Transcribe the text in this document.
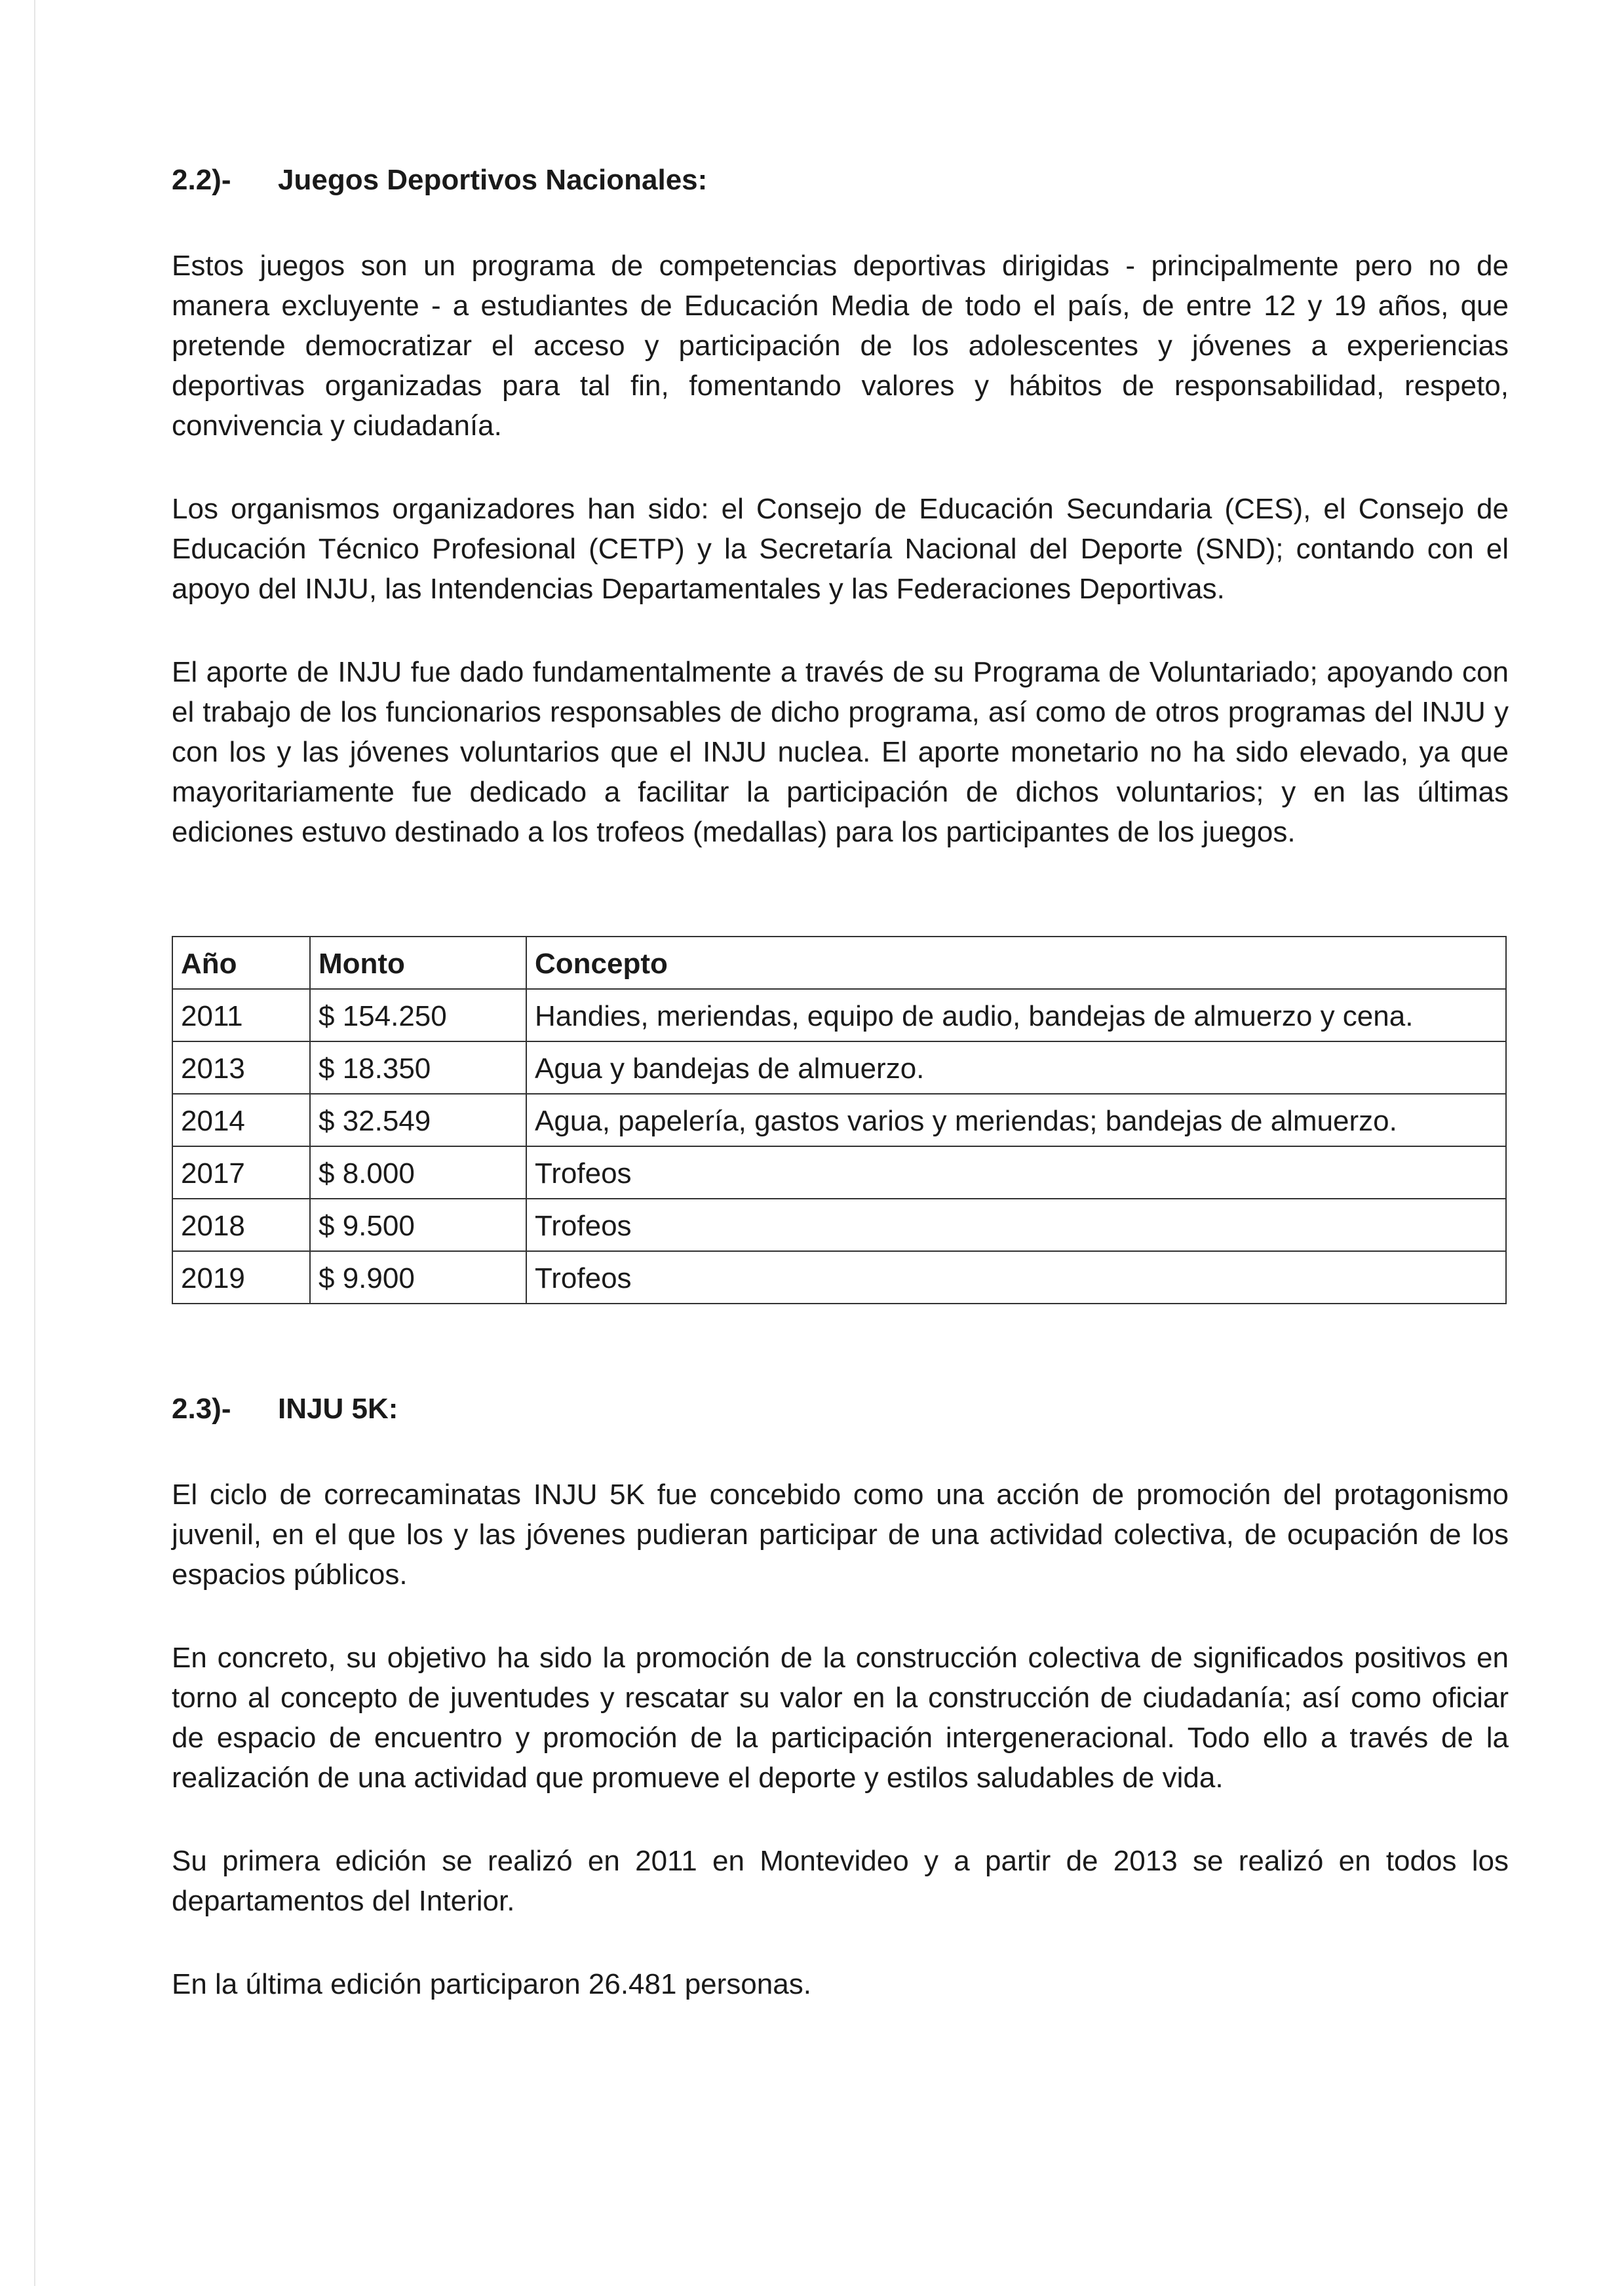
2.2)- Juegos Deportivos Nacionales:

Estos juegos son un programa de competencias deportivas dirigidas - principalmente pero no de manera excluyente - a estudiantes de Educación Media de todo el país, de entre 12 y 19 años, que pretende democratizar el acceso y participación de los adolescentes y jóvenes a experiencias deportivas organizadas para tal fin, fomentando valores y hábitos de responsabilidad, respeto, convivencia y ciudadanía.

Los organismos organizadores han sido: el Consejo de Educación Secundaria (CES), el Consejo de Educación Técnico Profesional (CETP) y la Secretaría Nacional del Deporte (SND); contando con el apoyo del INJU, las Intendencias Departamentales y las Federaciones Deportivas.

El aporte de INJU fue dado fundamentalmente a través de su Programa de Voluntariado; apoyando con el trabajo de los funcionarios responsables de dicho programa, así como de otros programas del INJU y con los y las jóvenes voluntarios que el INJU nuclea. El aporte monetario no ha sido elevado, ya que mayoritariamente fue dedicado a facilitar la participación de dichos voluntarios; y en las últimas ediciones estuvo destinado a los trofeos (medallas) para los participantes de los juegos.

Año	Monto	Concepto
2011	$ 154.250	Handies, meriendas, equipo de audio, bandejas de almuerzo y cena.
2013	$ 18.350	Agua y bandejas de almuerzo.
2014	$ 32.549	Agua, papelería, gastos varios y meriendas; bandejas de almuerzo.
2017	$ 8.000	Trofeos
2018	$ 9.500	Trofeos
2019	$ 9.900	Trofeos
2.3)- INJU 5K:

El ciclo de correcaminatas INJU 5K fue concebido como una acción de promoción del protagonismo juvenil, en el que los y las jóvenes pudieran participar de una actividad colectiva, de ocupación de los espacios públicos.

En concreto, su objetivo ha sido la promoción de la construcción colectiva de significados positivos en torno al concepto de juventudes y rescatar su valor en la construcción de ciudadanía; así como oficiar de espacio de encuentro y promoción de la participación intergeneracional. Todo ello a través de la realización de una actividad que promueve el deporte y estilos saludables de vida.

Su primera edición se realizó en 2011 en Montevideo y a partir de 2013 se realizó en todos los departamentos del Interior.

En la última edición participaron 26.481 personas.
